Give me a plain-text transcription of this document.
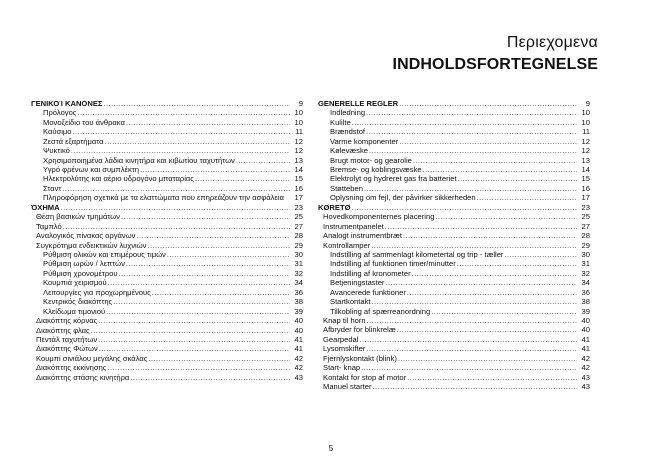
Περιεχομενα
INDHOLDSFORTEGNELSE
ΓΕΝΙΚΟΊ ΚΑΝΟΝΕΣ .....	9
Πρόλογος .....	10
Μονοξείδιο του άνθρακα .....	10
Καύσιμο .....	11
Ζεστά εξαρτήματα .....	12
Ψυκτικό .....	12
Χρησιμοποιημένα λάδια κινητήρα και κιβωτίου ταχυτήτων .....	13
Υγρό φρένων και συμπλέκτη .....	14
Ηλεκτρολύτης και αέριο υδρογόνο μπαταρίας .....	15
Σταντ .....	16
Πληροφόρηση σχετικά με τα ελαττώματα που επηρεάζουν την ασφάλεια	17
ΌΧΗΜΑ .....	23
Θέση βασικών τμημάτων .....	25
Ταμπλό .....	27
Αναλογικός πίνακας οργάνων .....	28
Συγκρότημα ενδεικτικών λυχνιών .....	29
Ρύθμιση ολικών και επιμέρους τιμών .....	30
Ρύθμιση ωρών / λεπτών .....	31
Ρύθμιση χρονομέτρου .....	32
Κουμπιά χειρισμού .....	34
Λειτουργίες για προχωρημένους .....	36
Κεντρικός διακόπτης .....	38
Κλείδωμα τιμονιού .....	39
Διακόπτης κόρνας .....	40
Διακόπτης φλας .....	40
Πεντάλ ταχυτήτων .....	41
Διακόπτης Φώτων .....	41
Κουμπί σινιάλου μεγάλης σκάλας .....	42
Διακόπτης εκκίνησης .....	42
Διακόπτης στάσης κινητήρα .....	43
GENERELLE REGLER .....	9
Indledning .....	10
Kulilte .....	10
Brændstof .....	11
Varme komponenter .....	12
Kølevæske .....	12
Brugt motor- og gearolie .....	13
Bremse- og koblingsvæske .....	14
Elektrolyt og hydreret gas fra batteriet .....	15
Støtteben .....	16
Oplysning om fejl, der påvirker sikkerheden .....	17
KØRETØ .....	23
Hovedkomponenternes placering .....	25
Instrumentpanelet .....	27
Analogt instrumentbræt .....	28
Kontrollamper .....	29
Indstilling af sammenlagt kilometertal og trip - tæller .....	30
Indstilling af funktionen timer/minutter .....	31
Indstilling af kronometer .....	32
Betjeningstaster .....	34
Avancerede funktioner .....	36
Startkontakt .....	38
Tilkobling af spærreanordning .....	39
Knap til horn .....	40
Afbryder for blinkrelæ .....	40
Gearpedal .....	41
Lysomskifter .....	41
Fjernlyskontakt (blink) .....	42
Start- knap .....	42
Kontakt for stop af motor .....	43
Manuel starter .....	43
5
